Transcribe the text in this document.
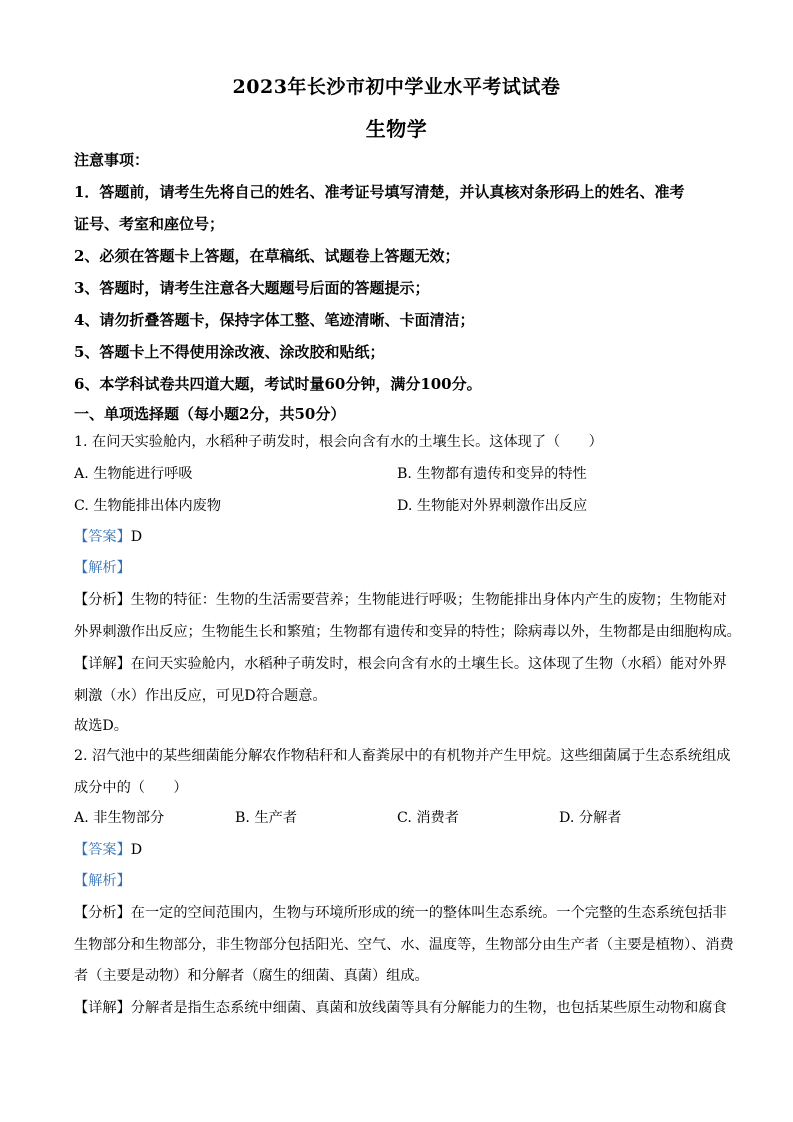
2023年长沙市初中学业水平考试试卷
生物学
注意事项：
1．答题前，请考生先将自己的姓名、准考证号填写清楚，并认真核对条形码上的姓名、准考
证号、考室和座位号；
2、必须在答题卡上答题，在草稿纸、试题卷上答题无效；
3、答题时，请考生注意各大题题号后面的答题提示；
4、请勿折叠答题卡，保持字体工整、笔迹清晰、卡面清洁；
5、答题卡上不得使用涂改液、涂改胶和贴纸；
6、本学科试卷共四道大题，考试时量60分钟，满分100分。
一、单项选择题（每小题2分，共50分）
1. 在问天实验舱内，水稻种子萌发时，根会向含有水的土壤生长。这体现了（　　）
A. 生物能进行呼吸	B. 生物都有遗传和变异的特性
C. 生物能排出体内废物	D. 生物能对外界刺激作出反应
【答案】D
【解析】
【分析】生物的特征：生物的生活需要营养；生物能进行呼吸；生物能排出身体内产生的废物；生物能对
外界刺激作出反应；生物能生长和繁殖；生物都有遗传和变异的特性；除病毒以外，生物都是由细胞构成。
【详解】在问天实验舱内，水稻种子萌发时，根会向含有水的土壤生长。这体现了生物（水稻）能对外界
刺激（水）作出反应，可见D符合题意。
故选D。
2. 沼气池中的某些细菌能分解农作物秸秆和人畜粪尿中的有机物并产生甲烷。这些细菌属于生态系统组成
成分中的（　　）
A. 非生物部分	B. 生产者	C. 消费者	D. 分解者
【答案】D
【解析】
【分析】在一定的空间范围内，生物与环境所形成的统一的整体叫生态系统。一个完整的生态系统包括非
生物部分和生物部分，非生物部分包括阳光、空气、水、温度等，生物部分由生产者（主要是植物）、消费
者（主要是动物）和分解者（腐生的细菌、真菌）组成。
【详解】分解者是指生态系统中细菌、真菌和放线菌等具有分解能力的生物，也包括某些原生动物和腐食
